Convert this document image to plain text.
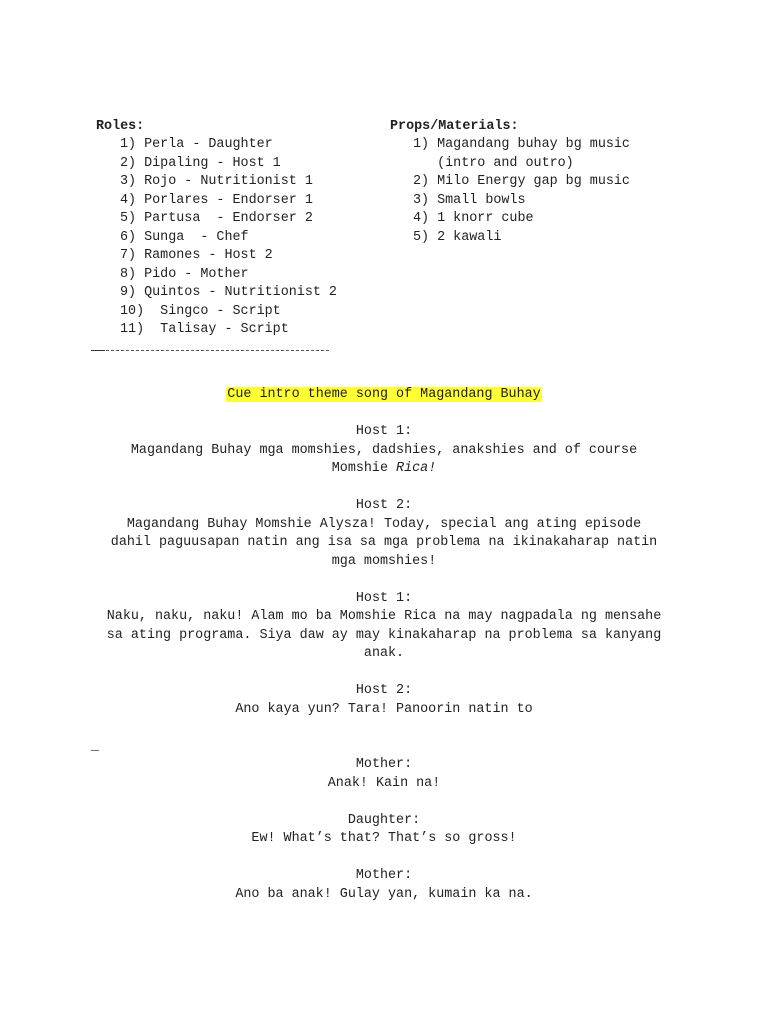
Roles:
1) Perla - Daughter
2) Dipaling - Host 1
3) Rojo - Nutritionist 1
4) Porlares - Endorser 1
5) Partusa  - Endorser 2
6) Sunga  - Chef
7) Ramones - Host 2
8) Pido - Mother
9) Quintos - Nutritionist 2
10)  Singco - Script
11)  Talisay - Script
Props/Materials:
1) Magandang buhay bg music
(intro and outro)
2) Milo Energy gap bg music
3) Small bowls
4) 1 knorr cube
5) 2 kawali
Cue intro theme song of Magandang Buhay
Host 1:
Magandang Buhay mga momshies, dadshies, anakshies and of course
Momshie Rica!
Host 2:
Magandang Buhay Momshie Alysza! Today, special ang ating episode
dahil paguusapan natin ang isa sa mga problema na ikinakaharap natin
mga momshies!
Host 1:
Naku, naku, naku! Alam mo ba Momshie Rica na may nagpadala ng mensahe
sa ating programa. Siya daw ay may kinakaharap na problema sa kanyang
anak.
Host 2:
Ano kaya yun? Tara! Panoorin natin to
_
Mother:
Anak! Kain na!
Daughter:
Ew! What’s that? That’s so gross!
Mother:
Ano ba anak! Gulay yan, kumain ka na.
